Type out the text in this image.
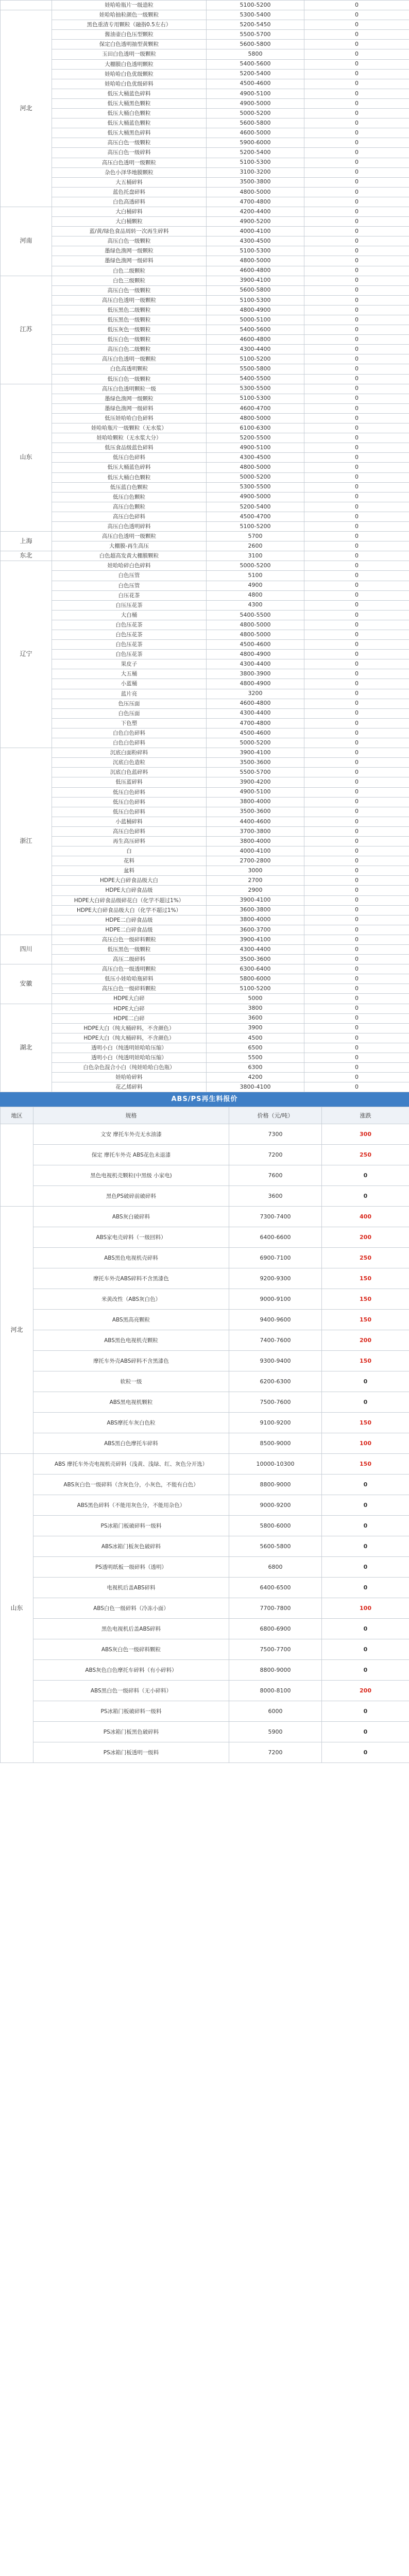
	娃哈哈瓶片一级造粒	5100-5200	0
河北	娃哈哈抽粒颜色一级颗粒	5300-5400	0
	黑色重渣专用颗粒（融指0.5左右）	5200-5450	0
	酱油壶白色压型颗粒	5500-5700	0
	保定白色透明抽型黄颗粒	5600-5800	0
	玉田白色透明一级颗粒	5800	0
	大棚膜白色透明颗粒	5400-5600	0
	娃哈哈白色优级颗粒	5200-5400	0
	娃哈哈白色优级碎料	4500-4600	0
	低压大桶蓝色碎料	4900-5100	0
	低压大桶黑色颗粒	4900-5000	0
	低压大桶白色颗粒	5000-5200	0
	低压大桶蓝色颗粒	5600-5800	0
	低压大桶黑色碎料	4600-5000	0
	高压白色一级颗粒	5900-6000	0
	高压白色一级碎料	5200-5400	0
	高压白色透明一级颗粒	5100-5300	0
	杂色小泽华地膜颗粒	3100-3200	0
	大五桶碎料	3500-3800	0
	蓝色托盘碎料	4800-5000	0
	白色高透碎料	4700-4800	0
河南	大白桶碎料	4200-4400	0
	大白桶颗粒	4900-5200	0
	蓝/黄/绿色食品周转一次再生碎料	4000-4100	0
	高压白色一级颗粒	4300-4500	0
	墨绿色渔网一级颗粒	5100-5300	0
	墨绿色渔网一级碎料	4800-5000	0
	白色二级颗粒	4600-4800	0
江苏	白色三级颗粒	3900-4100	0
	高压白色一级颗粒	5600-5800	0
	高压白色透明一级颗粒	5100-5300	0
	低压黑色二级颗粒	4800-4900	0
	低压黑色一级颗粒	5000-5100	0
	低压灰色一级颗粒	5400-5600	0
	低压白色一级颗粒	4600-4800	0
	高压白色二级颗粒	4300-4400	0
	高压白色透明一级颗粒	5100-5200	0
	白色高透明颗粒	5500-5800	0
	低压白色一级颗粒	5400-5500	0
山东	高压白色透明颗粒一级	5300-5500	0
	墨绿色渔网一级颗粒	5100-5300	0
	墨绿色渔网一级碎料	4600-4700	0
	低压娃哈哈白色碎料	4800-5000	0
	娃哈哈瓶片一级颗粒（无水浆）	6100-6300	0
	娃哈哈颗粒（无水浆大分）	5200-5500	0
	低压食品级蓝色碎料	4900-5100	0
	低压白色碎料	4300-4500	0
	低压大桶蓝色碎料	4800-5000	0
	低压大桶白色颗粒	5000-5200	0
	低压蓝白色颗粒	5300-5500	0
	低压白色颗粒	4900-5000	0
	高压白色颗粒	5200-5400	0
	高压白色碎料	4500-4700	0
	高压白色透明碎料	5100-5200	0
上海	高压白色透明一级颗粒	5700	0
	大棚膜-再生高压	2600	0
东北	白色超高发黄大棚膜颗粒	3100	0
辽宁	娃哈哈碎白色碎料	5000-5200	0
	白色压管	5100	0
	白色压管	4900	0
	白压花茶	4800	0
	白压压花茶	4300	0
	大白桶	5400-5500	0
	白色压花茶	4800-5000	0
	白色压花茶	4800-5000	0
	白色压花茶	4500-4600	0
	白色压花茶	4800-4900	0
	果皮子	4300-4400	0
	大五桶	3800-3900	0
	小蓝桶	4800-4900	0
	蓝片亮	3200	0
	色压压面	4600-4800	0
	白色压面	4300-4400	0
	下色塑	4700-4800	0
	白色白色碎料	4500-4600	0
	白色白色碎料	5000-5200	0
浙江	沉底白面粉碎料	3900-4100	0
	沉底白色造粒	3500-3600	0
	沉底白色蓝碎料	5500-5700	0
	低压蓝碎料	3900-4200	0
	低压白色碎料	4900-5100	0
	低压白色碎料	3800-4000	0
	低压白色碎料	3500-3600	0
	小蓝桶碎料	4400-4600	0
	高压白色碎料	3700-3800	0
	再生高压碎料	3800-4000	0
	白	4000-4100	0
	花料	2700-2800	0
	盆料	3000	0
	HDPE大白碎食品级大白	2700	0
	HDPE大白碎食品级	2900	0
	HDPE大白碎食品级碎花白（化学不超过1%）	3900-4100	0
	HDPE大白碎食品级大白（化学不超过1%）	3600-3800	0
	HDPE二白碎食品级	3800-4000	0
	HDPE二白碎食品级	3600-3700	0
四川	高压白色一级碎料颗粒	3900-4100	0
	低压黑色一级颗粒	4300-4400	0
	高压二级碎料	3500-3600	0
安徽	高压白色一级透明颗粒	6300-6400	0
	低压小娃哈哈瓶碎料	5800-6000	0
	高压白色一级碎料颗粒	5100-5200	0
	HDPE大白碎	5000	0
湖北	HDPE大白碎	3800	0
	HDPE二白碎	3600	0
	HDPE大白（纯大桶碎料，不含颜色）	3900	0
	HDPE大白（纯大桶碎料，不含颜色）	4500	0
	透明小白（纯透明娃哈哈压缩）	6500	0
	透明小白（纯透明娃哈哈压缩）	5500	0
	白色杂色混合小白（纯娃哈哈白色瓶）	6300	0
	娃哈哈碎料	4200	0
	花乙烯碎料	3800-4100	0
ABS/PS再生料报价
地区	规格	价格（元/吨）	涨跌
	文安 摩托车外壳无水油漆	7300	300
	保定 摩托车外壳 ABS花色未退漆	7200	250
	黑色电视机壳颗粒(中黑级 小家电)	7600	0
	黑色PS破碎前破碎料	3600	0
河北	ABS灰白破碎料	7300-7400	400
	ABS家电壳碎料（一级回料）	6400-6600	200
	ABS黑色电视机壳碎料	6900-7100	250
	摩托车外壳ABS碎料不含黑漆色	9200-9300	150
	米黄改性（ABS灰白色）	9000-9100	150
	ABS黑高亮颗粒	9400-9600	150
	ABS黑色电视机壳颗粒	7400-7600	200
	摩托车外壳ABS碎料不含黑漆色	9300-9400	150
	软粒一级	6200-6300	0
	ABS黑电视机颗粒	7500-7600	0
	ABS摩托车灰白色粒	9100-9200	150
	ABS黑白色摩托车碎料	8500-9000	100
山东	ABS 摩托车外壳电视机壳碎料（浅黄、浅绿、红、灰色分开选）	10000-10300	150
	ABS灰白色一级碎料（含灰色分，小灰色，不能有白色）	8800-9000	0
	ABS黑色碎料（不能用灰色分，不能用杂色）	9000-9200	0
	PS冰箱门板破碎料一级料	5800-6000	0
	ABS冰箱门板灰色破碎料	5600-5800	0
	PS透明纸板一级碎料（透明）	6800	0
	电视机后盖ABS碎料	6400-6500	0
	ABS白色一级碎料（冷冻小面）	7700-7800	100
	黑色电视机后盖ABS碎料	6800-6900	0
	ABS灰白色一级碎料颗粒	7500-7700	0
	ABS灰色白色摩托车碎料（有小碎料）	8800-9000	0
	ABS黑白色一级碎料（无小碎料）	8000-8100	200
	PS冰箱门板破碎料一级料	6000	0
	PS冰箱门板黑色破碎料	5900	0
	PS冰箱门板透明一级料	7200	0
